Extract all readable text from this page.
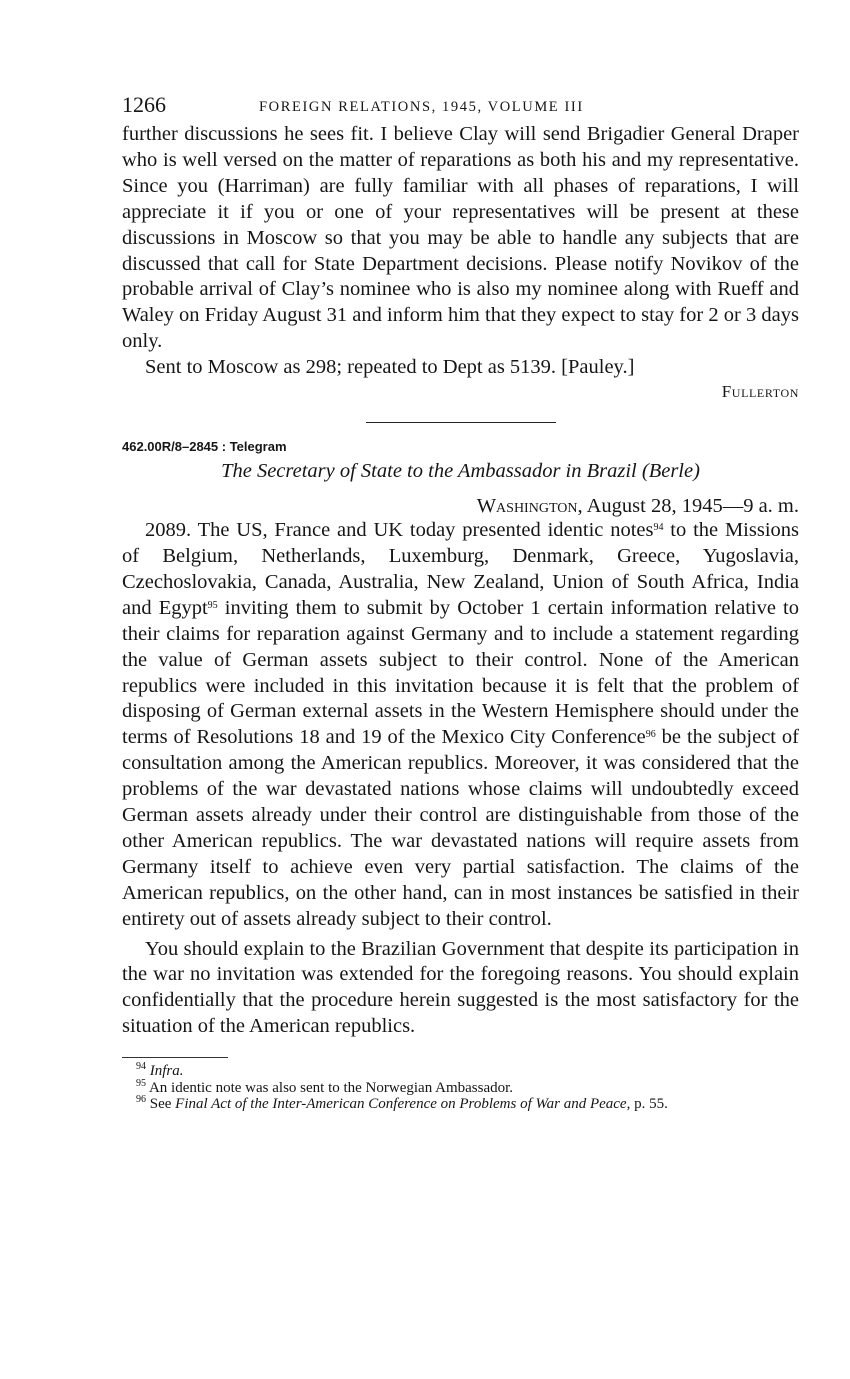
1266	FOREIGN RELATIONS, 1945, VOLUME III

further discussions he sees fit. I believe Clay will send Brigadier General Draper who is well versed on the matter of reparations as both his and my representative. Since you (Harriman) are fully familiar with all phases of reparations, I will appreciate it if you or one of your representatives will be present at these discussions in Moscow so that you may be able to handle any subjects that are discussed that call for State Department decisions. Please notify Novikov of the probable arrival of Clay’s nominee who is also my nominee along with Rueff and Waley on Friday August 31 and inform him that they expect to stay for 2 or 3 days only.

Sent to Moscow as 298; repeated to Dept as 5139. [Pauley.]

Fullerton

462.00R/8–2845 : Telegram

The Secretary of State to the Ambassador in Brazil (Berle)

Washington, August 28, 1945—9 a. m.

2089. The US, France and UK today presented identic notes$^{94}$ to the Missions of Belgium, Netherlands, Luxemburg, Denmark, Greece, Yugoslavia, Czechoslovakia, Canada, Australia, New Zealand, Union of South Africa, India and Egypt$^{95}$ inviting them to submit by October 1 certain information relative to their claims for reparation against Germany and to include a statement regarding the value of German assets subject to their control. None of the American republics were included in this invitation because it is felt that the problem of disposing of German external assets in the Western Hemisphere should under the terms of Resolutions 18 and 19 of the Mexico City Conference$^{96}$ be the subject of consultation among the American republics. Moreover, it was considered that the problems of the war devastated nations whose claims will undoubtedly exceed German assets already under their control are distinguishable from those of the other American republics. The war devastated nations will require assets from Germany itself to achieve even very partial satisfaction. The claims of the American republics, on the other hand, can in most instances be satisfied in their entirety out of assets already subject to their control.

You should explain to the Brazilian Government that despite its participation in the war no invitation was extended for the foregoing reasons. You should explain confidentially that the procedure herein suggested is the most satisfactory for the situation of the American republics.

$^{94}$ Infra.

$^{95}$ An identic note was also sent to the Norwegian Ambassador.

$^{96}$ See Final Act of the Inter-American Conference on Problems of War and Peace, p. 55.
